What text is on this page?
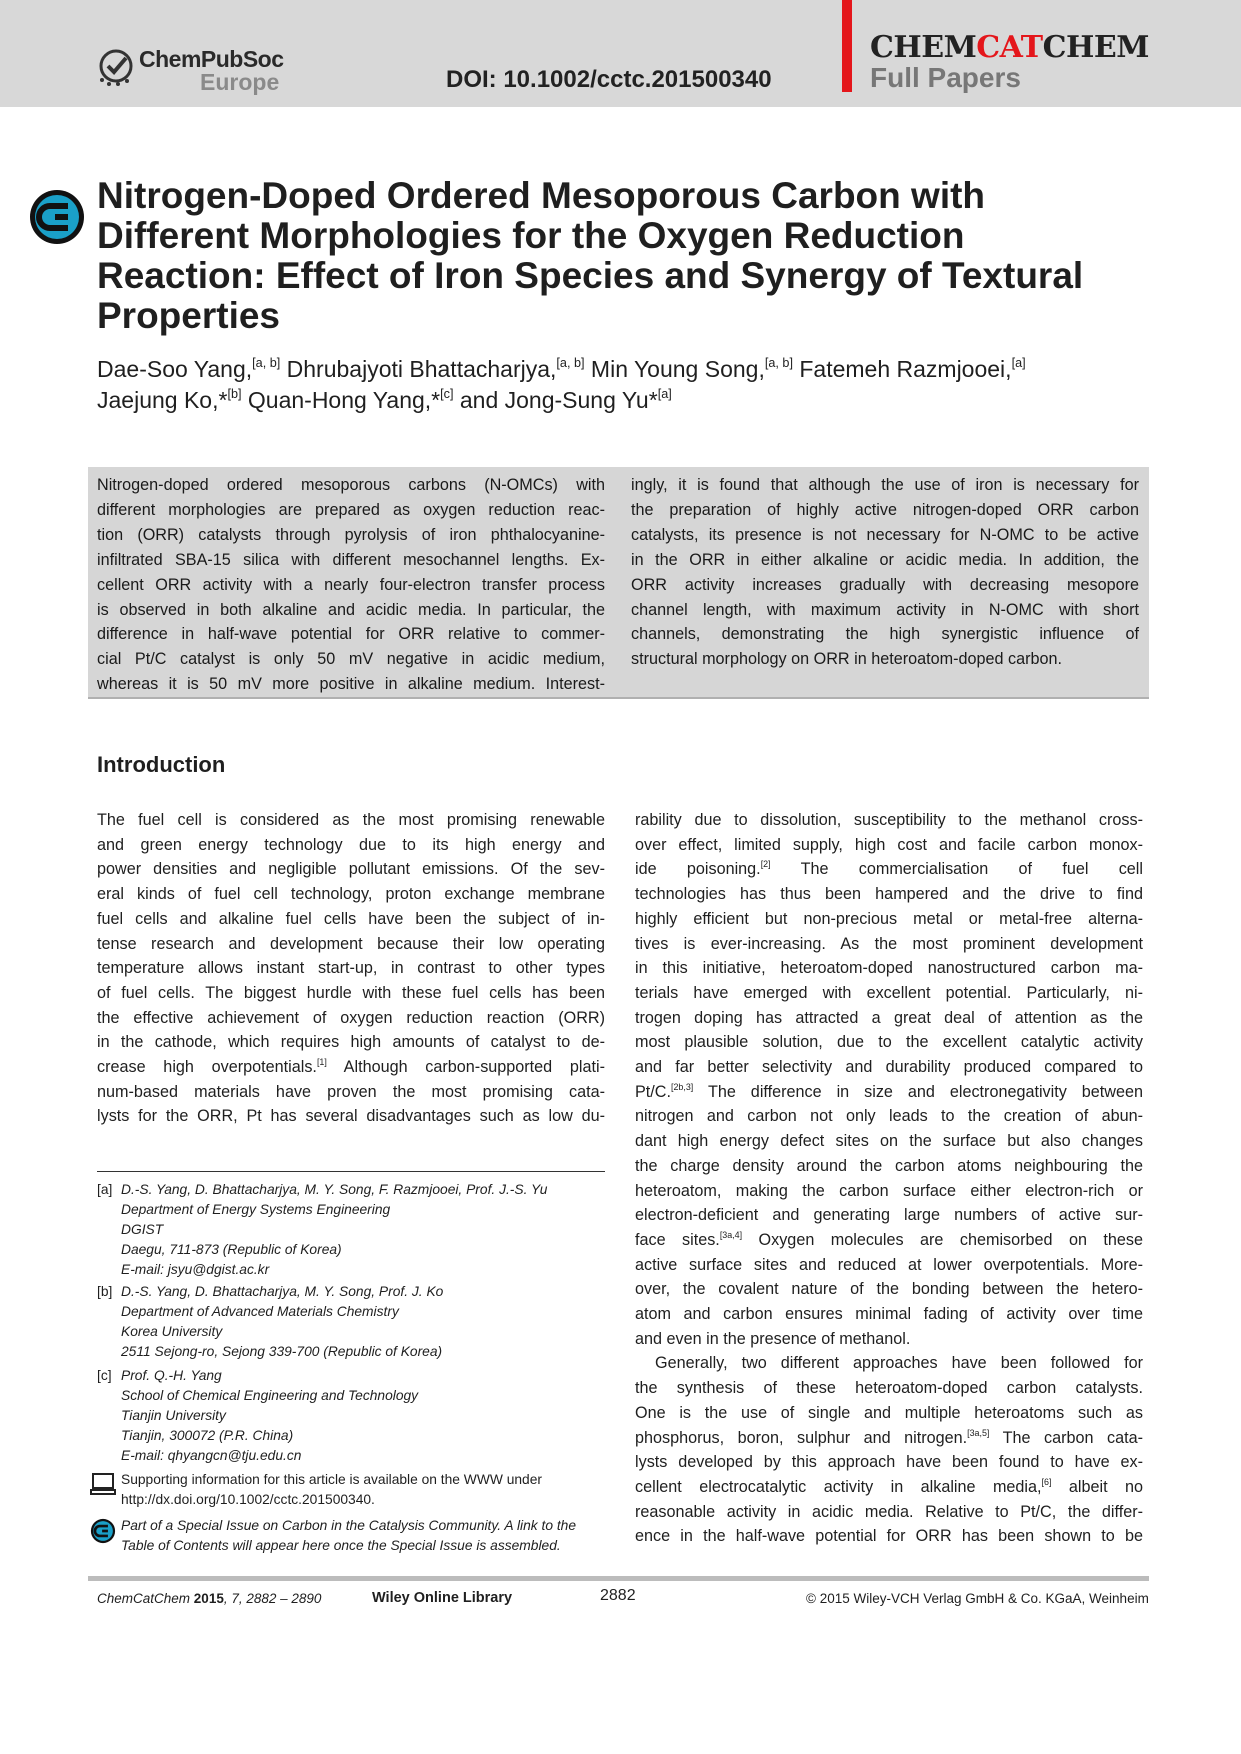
ChemPubSoc
Europe	DOI: 10.1002/cctc.201500340
CHEMCATCHEM
Full Papers
Nitrogen-Doped Ordered Mesoporous Carbon with Different Morphologies for the Oxygen Reduction Reaction: Effect of Iron Species and Synergy of Textural Properties

Dae-Soo Yang,[a, b] Dhrubajyoti Bhattacharjya,[a, b] Min Young Song,[a, b] Fatemeh Razmjooei,[a]
Jaejung Ko,*[b] Quan-Hong Yang,*[c] and Jong-Sung Yu*[a]

Nitrogen-doped ordered mesoporous carbons (N-OMCs) with
different morphologies are prepared as oxygen reduction reac-
tion (ORR) catalysts through pyrolysis of iron phthalocyanine-
infiltrated SBA-15 silica with different mesochannel lengths. Ex-
cellent ORR activity with a nearly four-electron transfer process
is observed in both alkaline and acidic media. In particular, the
difference in half-wave potential for ORR relative to commer-
cial Pt/C catalyst is only 50 mV negative in acidic medium,
whereas it is 50 mV more positive in alkaline medium. Interest-

ingly, it is found that although the use of iron is necessary for
the preparation of highly active nitrogen-doped ORR carbon
catalysts, its presence is not necessary for N-OMC to be active
in the ORR in either alkaline or acidic media. In addition, the
ORR activity increases gradually with decreasing mesopore
channel length, with maximum activity in N-OMC with short
channels, demonstrating the high synergistic influence of
structural morphology on ORR in heteroatom-doped carbon.

Introduction

The fuel cell is considered as the most promising renewable
and green energy technology due to its high energy and
power densities and negligible pollutant emissions. Of the sev-
eral kinds of fuel cell technology, proton exchange membrane
fuel cells and alkaline fuel cells have been the subject of in-
tense research and development because their low operating
temperature allows instant start-up, in contrast to other types
of fuel cells. The biggest hurdle with these fuel cells has been
the effective achievement of oxygen reduction reaction (ORR)
in the cathode, which requires high amounts of catalyst to de-
crease high overpotentials.[1] Although carbon-supported plati-
num-based materials have proven the most promising cata-
lysts for the ORR, Pt has several disadvantages such as low du-

rability due to dissolution, susceptibility to the methanol cross-
over effect, limited supply, high cost and facile carbon monox-
ide poisoning.[2] The commercialisation of fuel cell
technologies has thus been hampered and the drive to find
highly efficient but non-precious metal or metal-free alterna-
tives is ever-increasing. As the most prominent development
in this initiative, heteroatom-doped nanostructured carbon ma-
terials have emerged with excellent potential. Particularly, ni-
trogen doping has attracted a great deal of attention as the
most plausible solution, due to the excellent catalytic activity
and far better selectivity and durability produced compared to
Pt/C.[2b,3] The difference in size and electronegativity between
nitrogen and carbon not only leads to the creation of abun-
dant high energy defect sites on the surface but also changes
the charge density around the carbon atoms neighbouring the
heteroatom, making the carbon surface either electron-rich or
electron-deficient and generating large numbers of active sur-
face sites.[3a,4] Oxygen molecules are chemisorbed on these
active surface sites and reduced at lower overpotentials. More-
over, the covalent nature of the bonding between the hetero-
atom and carbon ensures minimal fading of activity over time
and even in the presence of methanol.
Generally, two different approaches have been followed for
the synthesis of these heteroatom-doped carbon catalysts.
One is the use of single and multiple heteroatoms such as
phosphorus, boron, sulphur and nitrogen.[3a,5] The carbon cata-
lysts developed by this approach have been found to have ex-
cellent electrocatalytic activity in alkaline media,[6] albeit no
reasonable activity in acidic media. Relative to Pt/C, the differ-
ence in the half-wave potential for ORR has been shown to be

[a] D.-S. Yang, D. Bhattacharjya, M. Y. Song, F. Razmjooei, Prof. J.-S. Yu
Department of Energy Systems Engineering
DGIST
Daegu, 711-873 (Republic of Korea)
E-mail: jsyu@dgist.ac.kr
[b] D.-S. Yang, D. Bhattacharjya, M. Y. Song, Prof. J. Ko
Department of Advanced Materials Chemistry
Korea University
2511 Sejong-ro, Sejong 339-700 (Republic of Korea)
[c] Prof. Q.-H. Yang
School of Chemical Engineering and Technology
Tianjin University
Tianjin, 300072 (P.R. China)
E-mail: qhyangcn@tju.edu.cn
Supporting information for this article is available on the WWW under
http://dx.doi.org/10.1002/cctc.201500340.
Part of a Special Issue on Carbon in the Catalysis Community. A link to the
Table of Contents will appear here once the Special Issue is assembled.
ChemCatChem 2015, 7, 2882 – 2890	Wiley Online Library	2882	© 2015 Wiley-VCH Verlag GmbH & Co. KGaA, Weinheim
